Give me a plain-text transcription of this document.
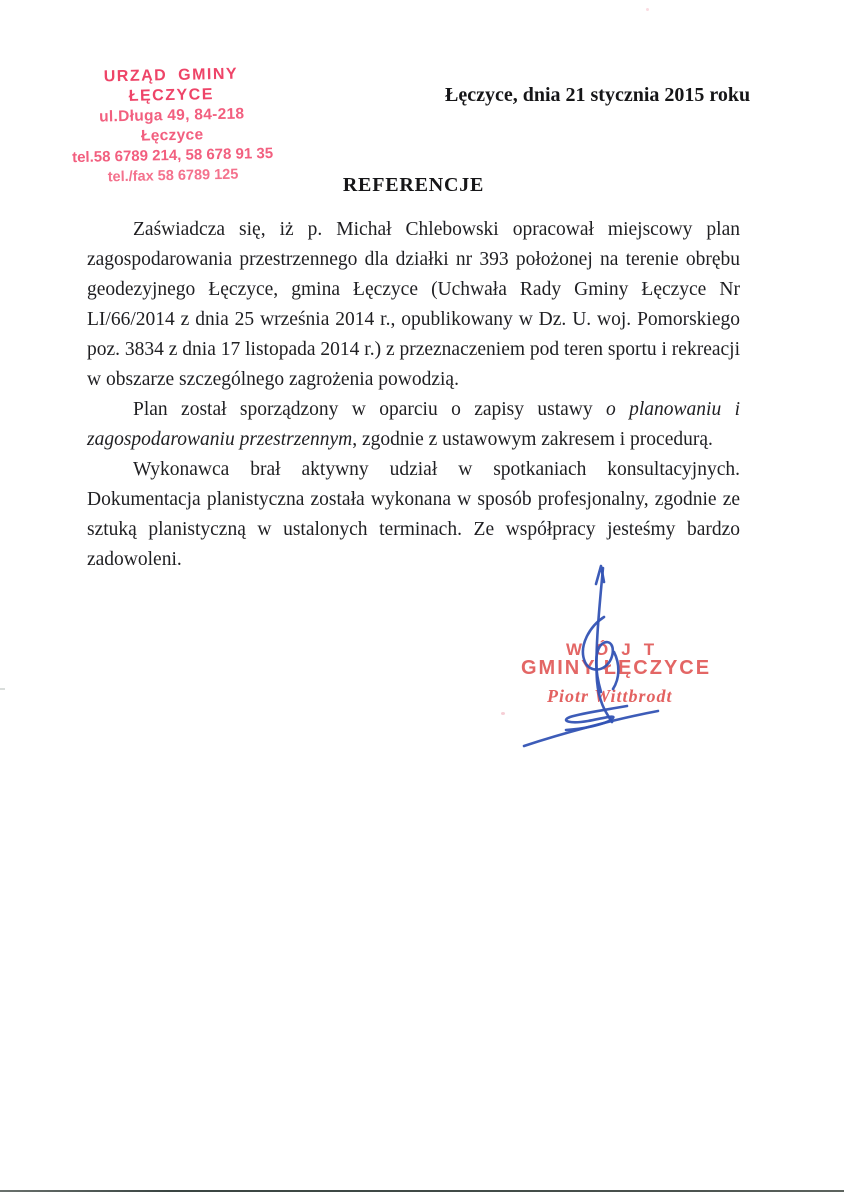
URZĄD GMINY ŁĘCZYCE
ul.Długa 49, 84-218 Łęczyce
tel.58 6789 214, 58 678 91 35
tel./fax 58 6789 125
Łęczyce, dnia 21 stycznia 2015 roku
REFERENCJE

Zaświadcza się, iż p. Michał Chlebowski opracował miejscowy plan zagospodarowania przestrzennego dla działki nr 393 położonej na terenie obrębu geodezyjnego Łęczyce, gmina Łęczyce (Uchwała Rady Gminy Łęczyce Nr LI/66/2014 z dnia 25 września 2014 r., opublikowany w Dz. U. woj. Pomorskiego poz. 3834 z dnia 17 listopada 2014 r.) z przeznaczeniem pod teren sportu i rekreacji w obszarze szczególnego zagrożenia powodzią.

Plan został sporządzony w oparciu o zapisy ustawy o planowaniu i zagospodarowaniu przestrzennym, zgodnie z ustawowym zakresem i procedurą.

Wykonawca brał aktywny udział w spotkaniach konsultacyjnych. Dokumentacja planistyczna została wykonana w sposób profesjonalny, zgodnie ze sztuką planistyczną w ustalonych terminach. Ze współpracy jesteśmy bardzo zadowoleni.

WÓJT
GMINY ŁĘCZYCE
Piotr Wittbrodt
